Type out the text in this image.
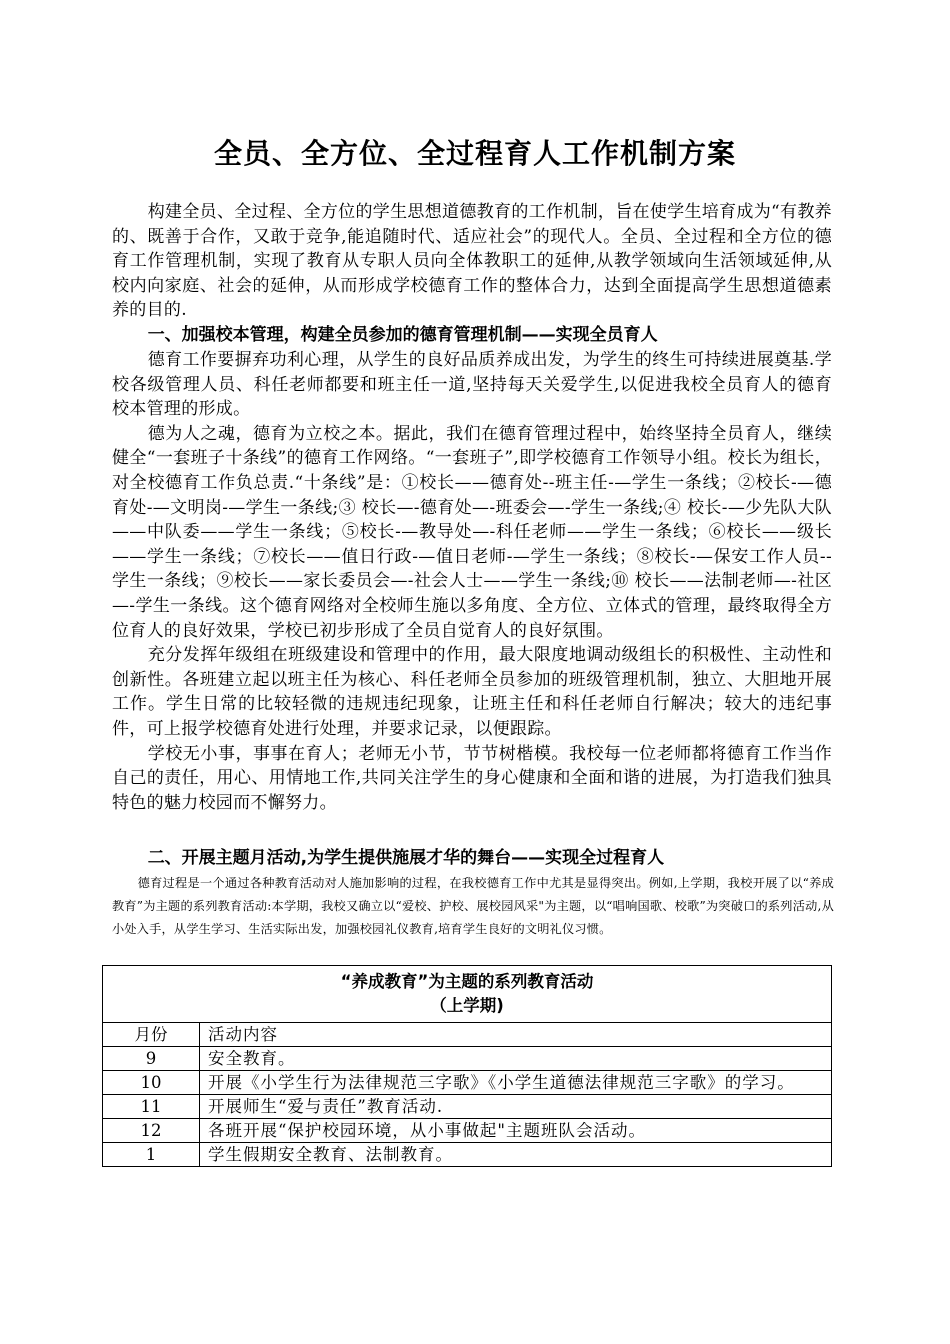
全员、全方位、全过程育人工作机制方案

构建全员、全过程、全方位的学生思想道德教育的工作机制，旨在使学生培育成为“有教养的、既善于合作，又敢于竞争,能追随时代、适应社会”的现代人。全员、全过程和全方位的德育工作管理机制，实现了教育从专职人员向全体教职工的延伸,从教学领域向生活领域延伸,从校内向家庭、社会的延伸，从而形成学校德育工作的整体合力，达到全面提高学生思想道德素养的目的.

一、加强校本管理，构建全员参加的德育管理机制——实现全员育人

德育工作要摒弃功利心理，从学生的良好品质养成出发，为学生的终生可持续进展奠基.学校各级管理人员、科任老师都要和班主任一道,坚持每天关爱学生,以促进我校全员育人的德育校本管理的形成。

德为人之魂，德育为立校之本。据此，我们在德育管理过程中，始终坚持全员育人，继续健全“一套班子十条线”的德育工作网络。“一套班子”,即学校德育工作领导小组。校长为组长，对全校德育工作负总责.“十条线”是：①校长——德育处--班主任-—学生一条线；②校长-—德育处-—文明岗-—学生一条线;③ 校长—-德育处—-班委会—-学生一条线;④ 校长-—少先队大队——中队委——学生一条线；⑤校长-—教导处—-科任老师——学生一条线；⑥校长——级长——学生一条线；⑦校长——值日行政-—值日老师-—学生一条线；⑧校长-—保安工作人员--学生一条线；⑨校长——家长委员会—-社会人士——学生一条线;⑩ 校长——法制老师—-社区—-学生一条线。这个德育网络对全校师生施以多角度、全方位、立体式的管理，最终取得全方位育人的良好效果，学校已初步形成了全员自觉育人的良好氛围。

充分发挥年级组在班级建设和管理中的作用，最大限度地调动级组长的积极性、主动性和创新性。各班建立起以班主任为核心、科任老师全员参加的班级管理机制，独立、大胆地开展工作。学生日常的比较轻微的违规违纪现象，让班主任和科任老师自行解决；较大的违纪事件，可上报学校德育处进行处理，并要求记录，以便跟踪。

学校无小事，事事在育人；老师无小节，节节树楷模。我校每一位老师都将德育工作当作自己的责任，用心、用情地工作,共同关注学生的身心健康和全面和谐的进展，为打造我们独具特色的魅力校园而不懈努力。

二、开展主题月活动,为学生提供施展才华的舞台——实现全过程育人

德育过程是一个通过各种教育活动对人施加影响的过程，在我校德育工作中尤其是显得突出。例如,上学期，我校开展了以“养成教育”为主题的系列教育活动:本学期，我校又确立以“爱校、护校、展校园风采"为主题，以“唱响国歌、校歌”为突破口的系列活动,从小处入手，从学生学习、生活实际出发，加强校园礼仪教育,培育学生良好的文明礼仪习惯。

“养成教育”为主题的系列教育活动
（上学期)	

月份	活动内容
9	安全教育。
10	开展《小学生行为法律规范三字歌》《小学生道德法律规范三字歌》的学习。
11	开展师生“爱与责任”教育活动.
12	各班开展“保护校园环境，从小事做起"主题班队会活动。
1	学生假期安全教育、法制教育。
